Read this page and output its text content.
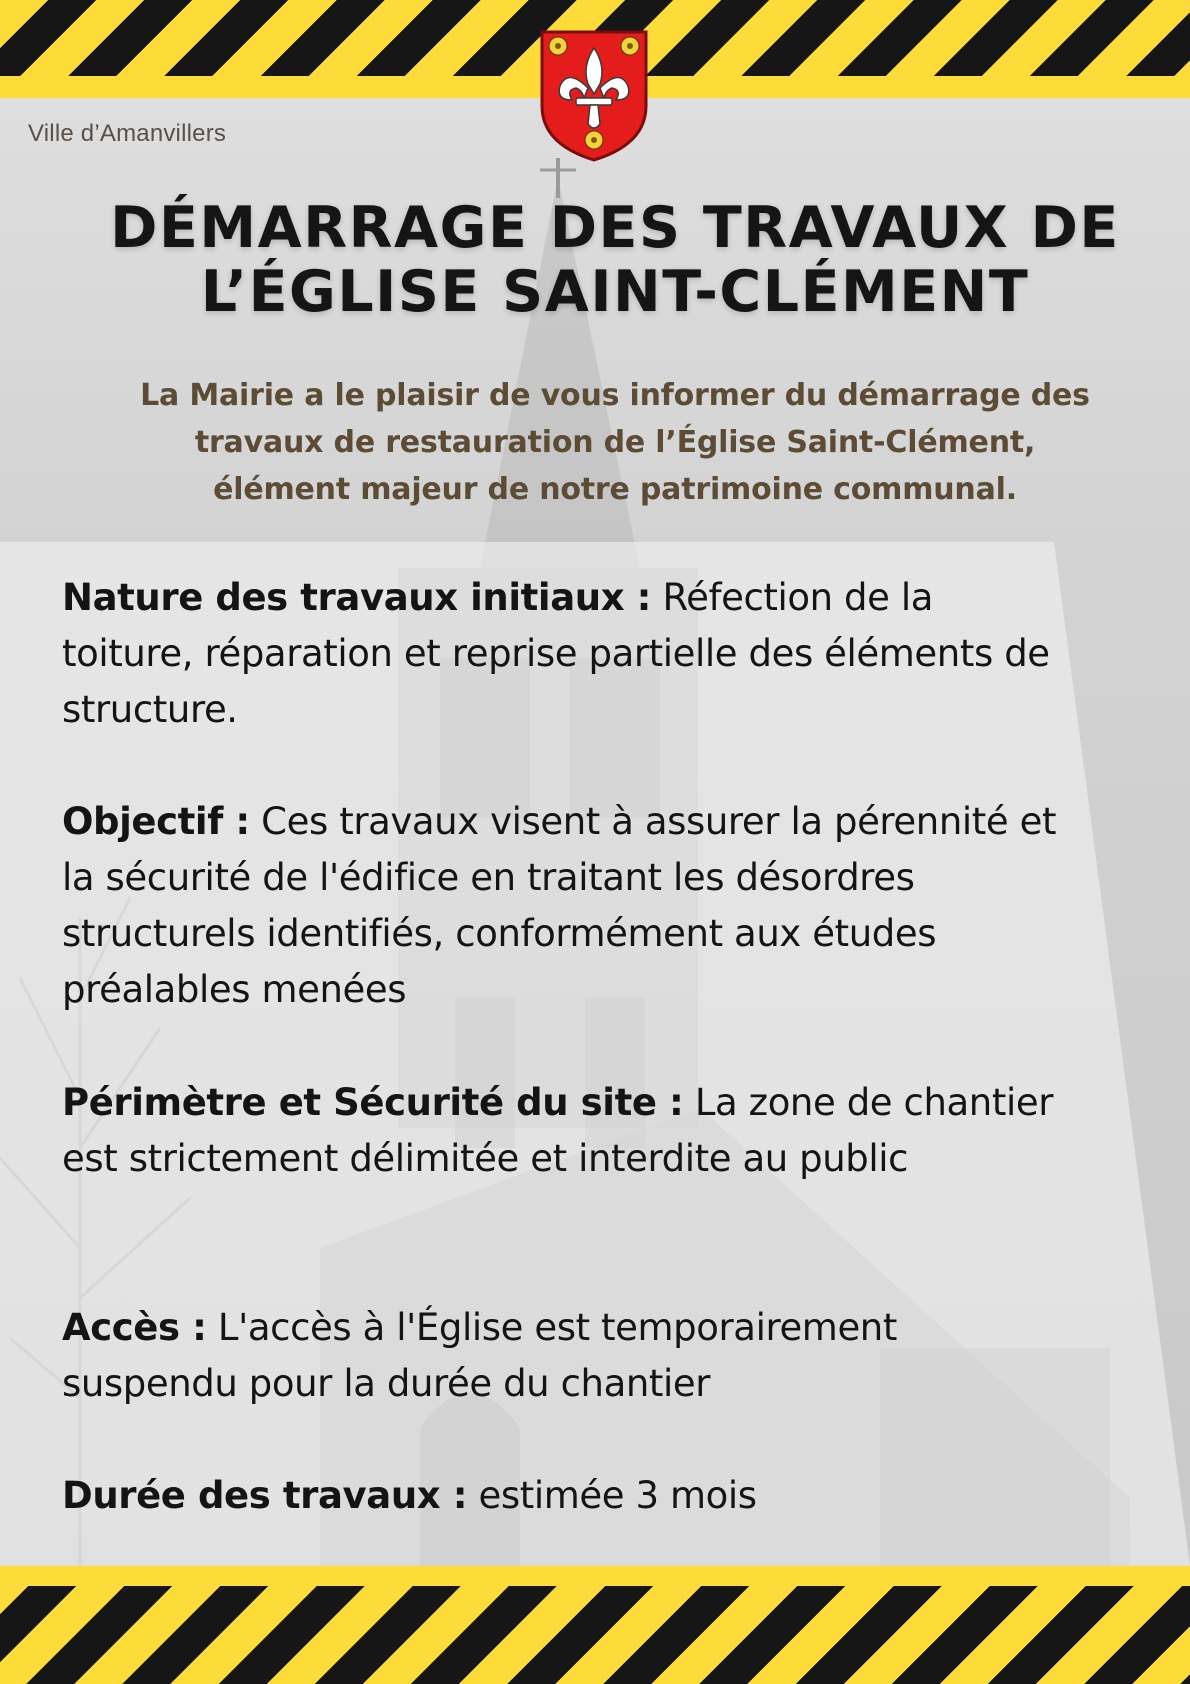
Ville d’Amanvillers
DÉMARRAGE DES TRAVAUX DE
L’ÉGLISE SAINT-CLÉMENT

La Mairie a le plaisir de vous informer du démarrage des travaux de restauration de l’Église Saint-Clément, élément majeur de notre patrimoine communal.

Nature des travaux initiaux : Réfection de la toiture, réparation et reprise partielle des éléments de structure.

Objectif : Ces travaux visent à assurer la pérennité et la sécurité de l'édifice en traitant les désordres structurels identifiés, conformément aux études préalables menées

Périmètre et Sécurité du site : La zone de chantier est strictement délimitée et interdite au public

Accès : L'accès à l'Église est temporairement suspendu pour la durée du chantier

Durée des travaux : estimée 3 mois
